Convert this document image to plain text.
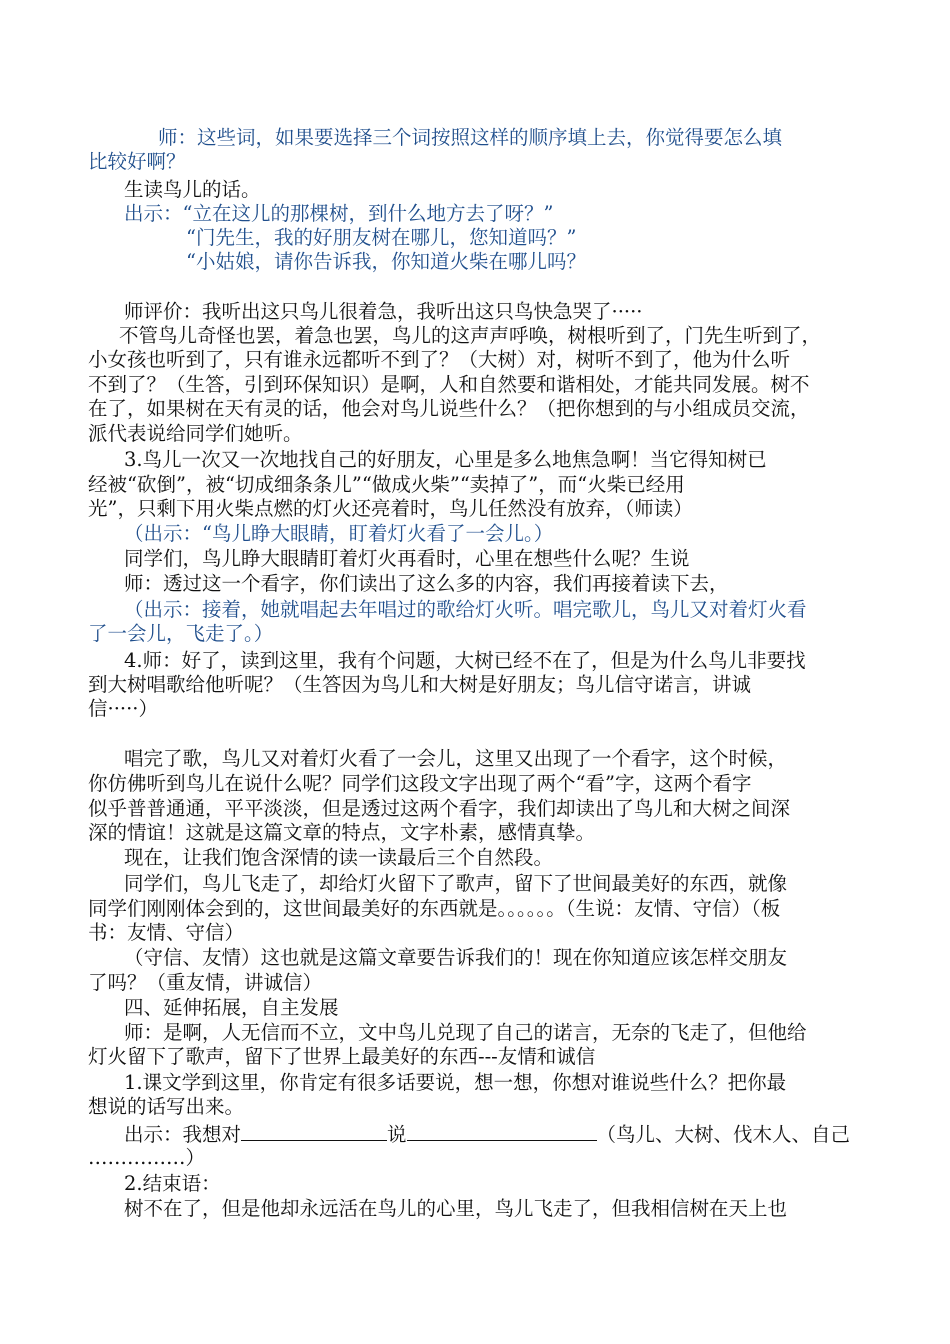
师：这些词，如果要选择三个词按照这样的顺序填上去，你觉得要怎么填
比较好啊？
生读鸟儿的话。
出示：“立在这儿的那棵树，到什么地方去了呀？”
“门先生，我的好朋友树在哪儿，您知道吗？”
“小姑娘，请你告诉我，你知道火柴在哪儿吗？
师评价：我听出这只鸟儿很着急，我听出这只鸟快急哭了·····
不管鸟儿奇怪也罢，着急也罢，鸟儿的这声声呼唤，树根听到了，门先生听到了，
小女孩也听到了，只有谁永远都听不到了？（大树）对，树听不到了，他为什么听
不到了？（生答，引到环保知识）是啊，人和自然要和谐相处，才能共同发展。树不
在了，如果树在天有灵的话，他会对鸟儿说些什么？（把你想到的与小组成员交流，
派代表说给同学们她听。
3.鸟儿一次又一次地找自己的好朋友，心里是多么地焦急啊！当它得知树已
经被“砍倒”，被“切成细条条儿”“做成火柴”“卖掉了”，而“火柴已经用
光”，只剩下用火柴点燃的灯火还亮着时，鸟儿任然没有放弃，（师读）
（出示：“鸟儿睁大眼睛，盯着灯火看了一会儿。）
同学们，鸟儿睁大眼睛盯着灯火再看时，心里在想些什么呢？生说
师：透过这一个看字，你们读出了这么多的内容，我们再接着读下去，
（出示：接着，她就唱起去年唱过的歌给灯火听。唱完歌儿，鸟儿又对着灯火看
了一会儿，飞走了。）
4.师：好了，读到这里，我有个问题，大树已经不在了，但是为什么鸟儿非要找
到大树唱歌给他听呢？（生答因为鸟儿和大树是好朋友；鸟儿信守诺言，讲诚
信·····）
唱完了歌，鸟儿又对着灯火看了一会儿，这里又出现了一个看字，这个时候，
你仿佛听到鸟儿在说什么呢？同学们这段文字出现了两个“看”字，这两个看字
似乎普普通通，平平淡淡，但是透过这两个看字，我们却读出了鸟儿和大树之间深
深的情谊！这就是这篇文章的特点，文字朴素，感情真挚。
现在，让我们饱含深情的读一读最后三个自然段。
同学们，鸟儿飞走了，却给灯火留下了歌声，留下了世间最美好的东西，就像
同学们刚刚体会到的，这世间最美好的东西就是。。。。。。（生说：友情、守信）（板
书：友情、守信）
（守信、友情）这也就是这篇文章要告诉我们的！现在你知道应该怎样交朋友
了吗？（重友情，讲诚信）
四、延伸拓展，自主发展
师：是啊，人无信而不立，文中鸟儿兑现了自己的诺言，无奈的飞走了，但他给
灯火留下了歌声，留下了世界上最美好的东西---友情和诚信
1.课文学到这里，你肯定有很多话要说，想一想，你想对谁说些什么？把你最
想说的话写出来。
出示：我想对	说	（鸟儿、大树、伐木人、自己
……………）
2.结束语：
树不在了，但是他却永远活在鸟儿的心里，鸟儿飞走了，但我相信树在天上也
